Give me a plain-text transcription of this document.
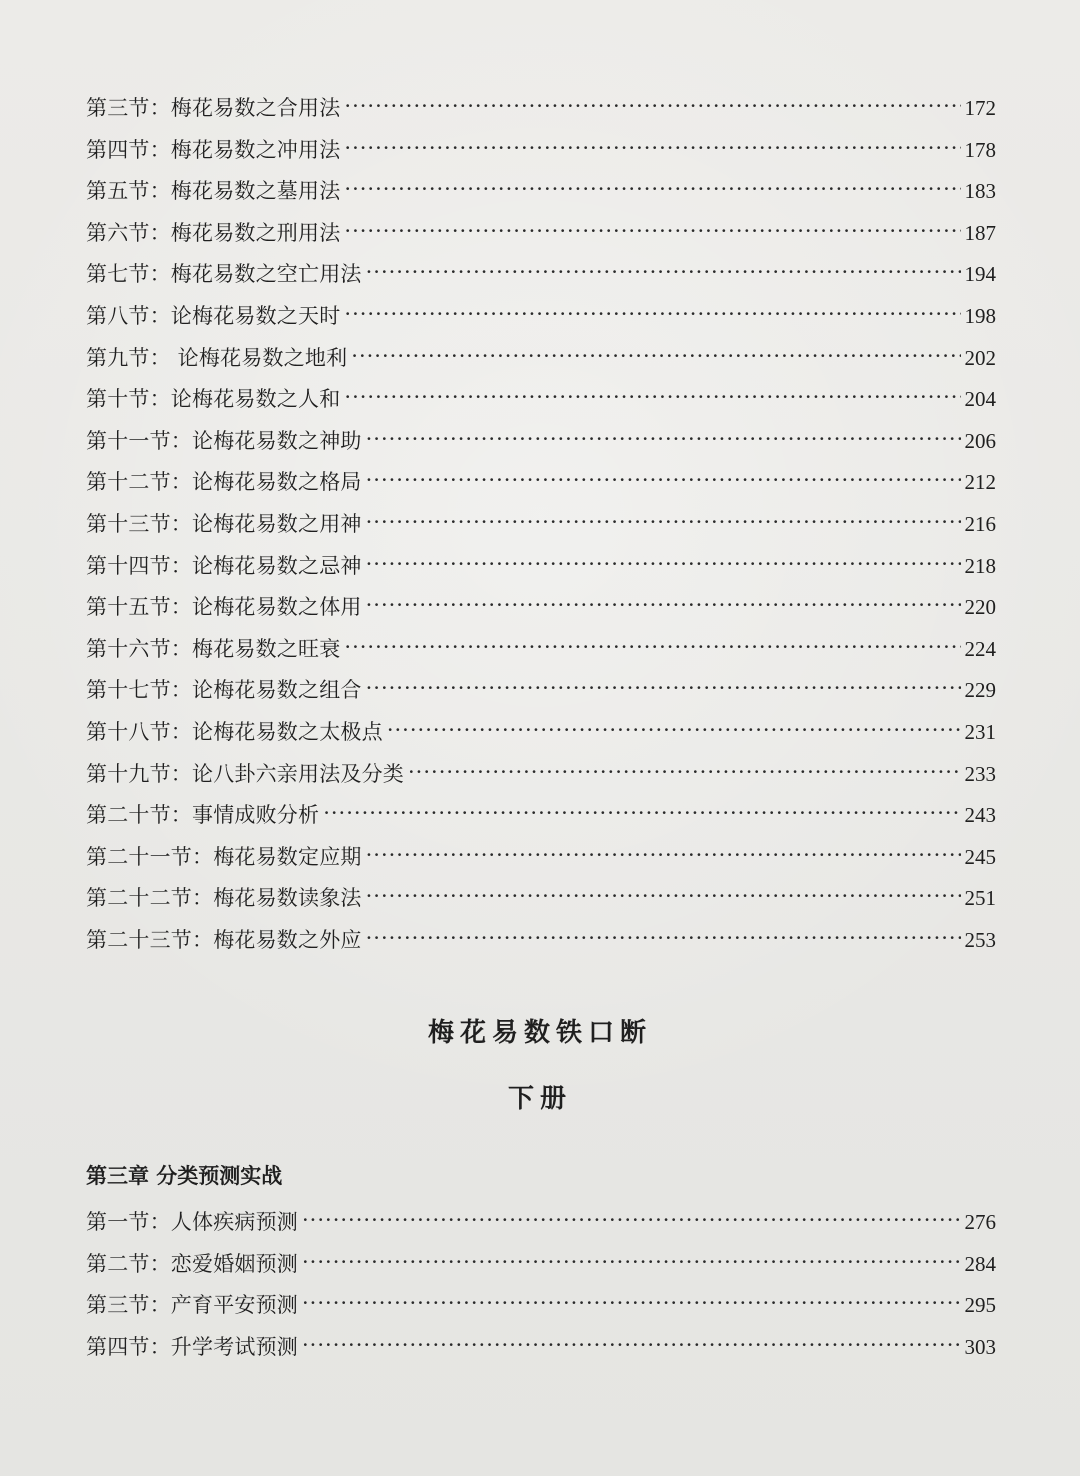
第三节：梅花易数之合用法 ·····	172
第四节：梅花易数之冲用法 ·····	178
第五节：梅花易数之墓用法 ·····	183
第六节：梅花易数之刑用法 ·····	187
第七节：梅花易数之空亡用法 ·····	194
第八节：论梅花易数之天时 ·····	198
第九节： 论梅花易数之地利 ·····	202
第十节：论梅花易数之人和 ·····	204
第十一节：论梅花易数之神助 ·····	206
第十二节：论梅花易数之格局 ·····	212
第十三节：论梅花易数之用神 ·····	216
第十四节：论梅花易数之忌神 ·····	218
第十五节：论梅花易数之体用 ·····	220
第十六节：梅花易数之旺衰 ·····	224
第十七节：论梅花易数之组合 ·····	229
第十八节：论梅花易数之太极点 ·····	231
第十九节：论八卦六亲用法及分类 ·····	233
第二十节：事情成败分析 ·····	243
第二十一节：梅花易数定应期 ·····	245
第二十二节：梅花易数读象法 ·····	251
第二十三节：梅花易数之外应 ·····	253
梅花易数铁口断
下册
第三章 分类预测实战
第一节：人体疾病预测 ·····	276
第二节：恋爱婚姻预测 ·····	284
第三节：产育平安预测 ·····	295
第四节：升学考试预测 ·····	303
